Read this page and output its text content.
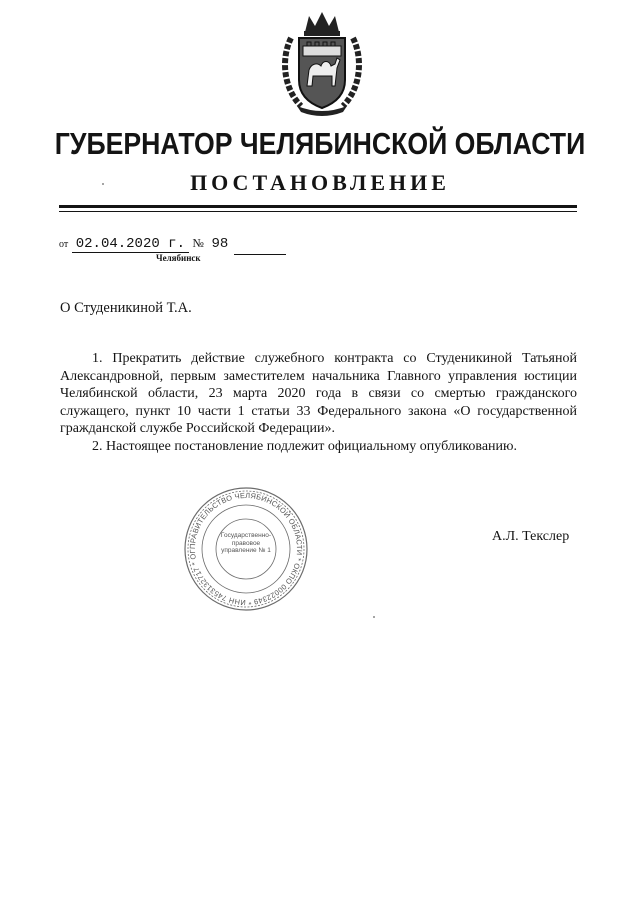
ГУБЕРНАТОР ЧЕЛЯБИНСКОЙ ОБЛАСТИ
ПОСТАНОВЛЕНИЕ
от 02.04.2020 г. № 98
Челябинск
О Студеникиной Т.А.

1. Прекратить действие служебного контракта со Студеникиной Татьяной Александровной, первым заместителем начальника Главного управления юстиции Челябинской области, 23 марта 2020 года в связи со смертью гражданского служащего, пункт 10 части 1 статьи 33 Федерального закона «О государственной гражданской службе Российской Федерации».

2. Настоящее постановление подлежит официальному опубликованию.

ПРАВИТЕЛЬСТВО ЧЕЛЯБИНСКОЙ ОБЛАСТИ * ОКПО 00022349 * ИНН 7453132717 * ОГ
Государственно-правовое управление № 1
А.Л. Текслер
